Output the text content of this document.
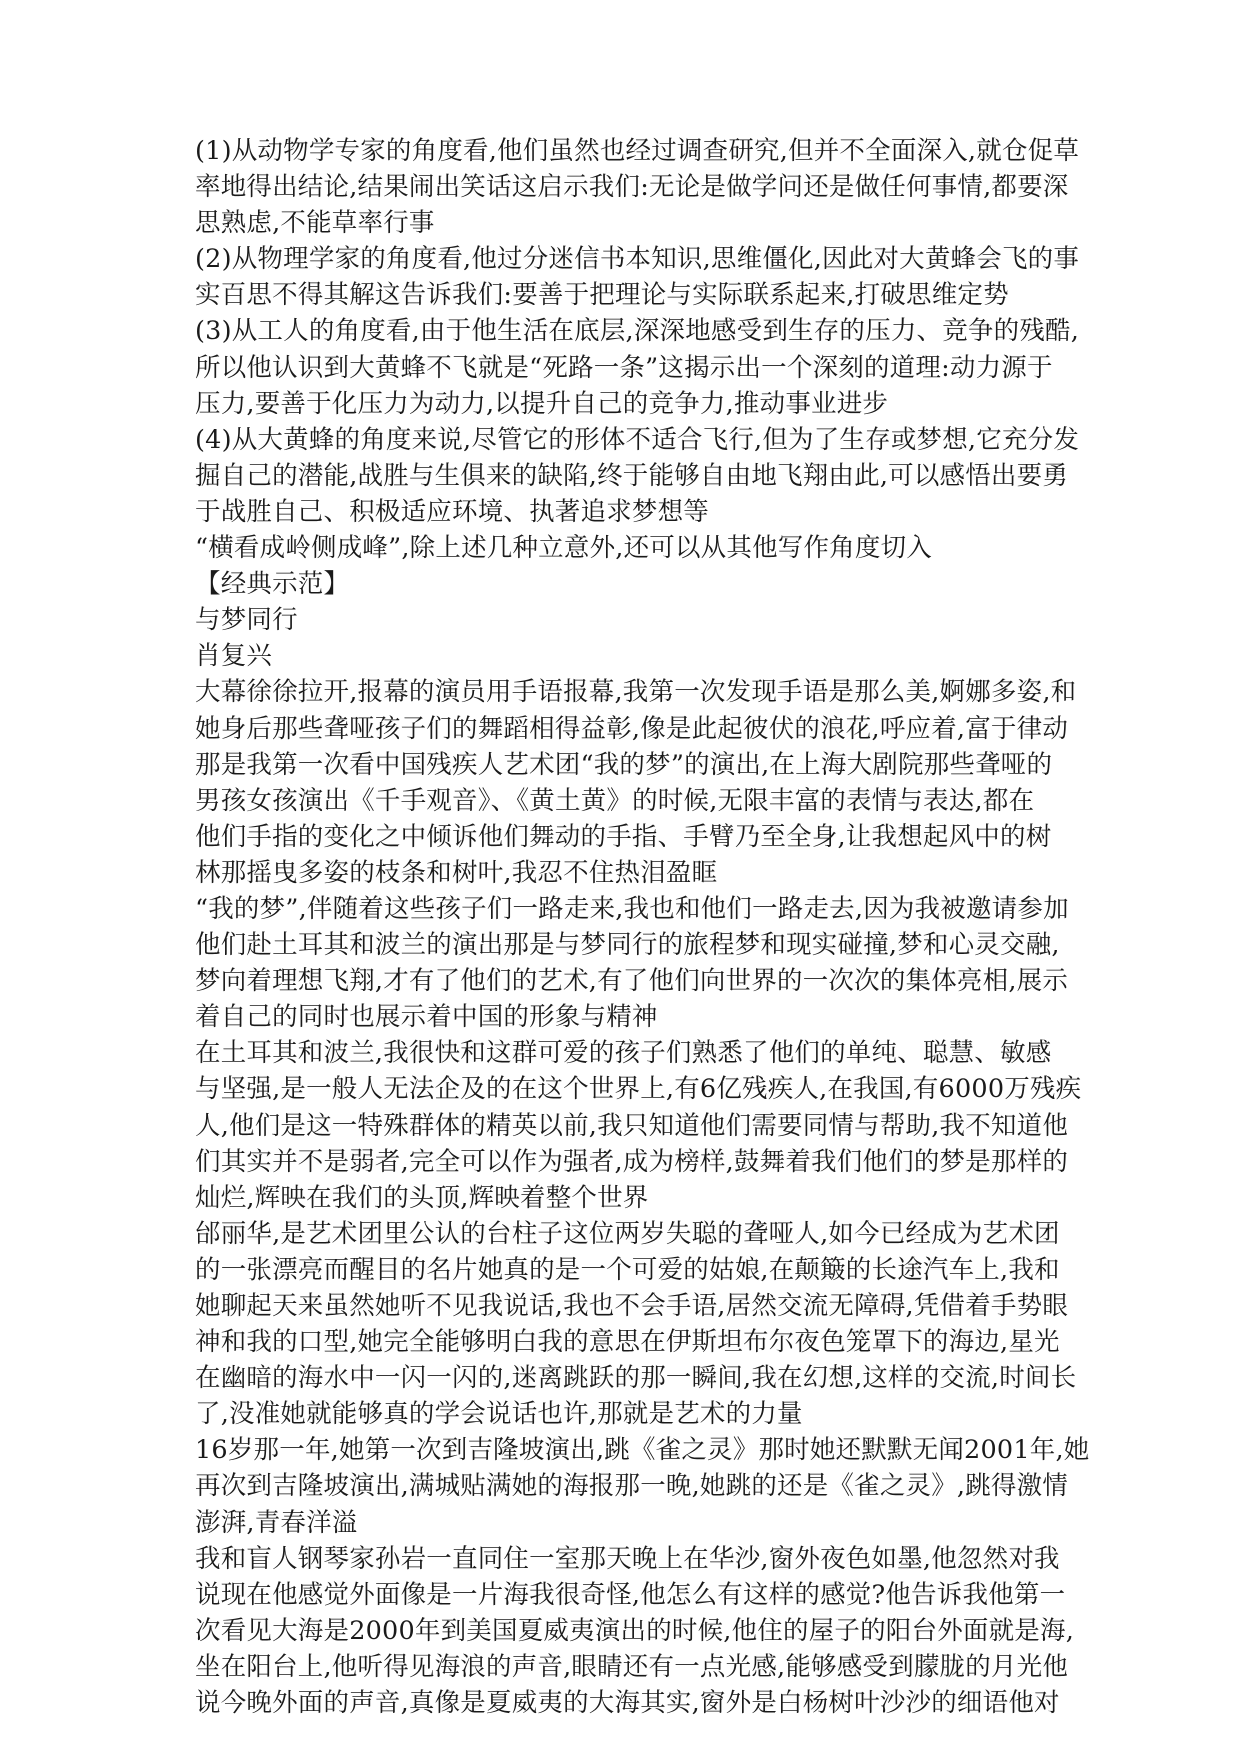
(1)从动物学专家的角度看,他们虽然也经过调查研究,但并不全面深入,就仓促草
率地得出结论,结果闹出笑话这启示我们:无论是做学问还是做任何事情,都要深
思熟虑,不能草率行事
(2)从物理学家的角度看,他过分迷信书本知识,思维僵化,因此对大黄蜂会飞的事
实百思不得其解这告诉我们:要善于把理论与实际联系起来,打破思维定势
(3)从工人的角度看,由于他生活在底层,深深地感受到生存的压力、竞争的残酷,
所以他认识到大黄蜂不飞就是“死路一条”这揭示出一个深刻的道理:动力源于
压力,要善于化压力为动力,以提升自己的竞争力,推动事业进步
(4)从大黄蜂的角度来说,尽管它的形体不适合飞行,但为了生存或梦想,它充分发
掘自己的潜能,战胜与生俱来的缺陷,终于能够自由地飞翔由此,可以感悟出要勇
于战胜自己、积极适应环境、执著追求梦想等
“横看成岭侧成峰”,除上述几种立意外,还可以从其他写作角度切入
【经典示范】
与梦同行
肖复兴
大幕徐徐拉开,报幕的演员用手语报幕,我第一次发现手语是那么美,婀娜多姿,和
她身后那些聋哑孩子们的舞蹈相得益彰,像是此起彼伏的浪花,呼应着,富于律动
那是我第一次看中国残疾人艺术团“我的梦”的演出,在上海大剧院那些聋哑的
男孩女孩演出《千手观音》、《黄土黄》的时候,无限丰富的表情与表达,都在
他们手指的变化之中倾诉他们舞动的手指、手臂乃至全身,让我想起风中的树
林那摇曳多姿的枝条和树叶,我忍不住热泪盈眶
“我的梦”,伴随着这些孩子们一路走来,我也和他们一路走去,因为我被邀请参加
他们赴土耳其和波兰的演出那是与梦同行的旅程梦和现实碰撞,梦和心灵交融,
梦向着理想飞翔,才有了他们的艺术,有了他们向世界的一次次的集体亮相,展示
着自己的同时也展示着中国的形象与精神
在土耳其和波兰,我很快和这群可爱的孩子们熟悉了他们的单纯、聪慧、敏感
与坚强,是一般人无法企及的在这个世界上,有6亿残疾人,在我国,有6000万残疾
人,他们是这一特殊群体的精英以前,我只知道他们需要同情与帮助,我不知道他
们其实并不是弱者,完全可以作为强者,成为榜样,鼓舞着我们他们的梦是那样的
灿烂,辉映在我们的头顶,辉映着整个世界
邰丽华,是艺术团里公认的台柱子这位两岁失聪的聋哑人,如今已经成为艺术团
的一张漂亮而醒目的名片她真的是一个可爱的姑娘,在颠簸的长途汽车上,我和
她聊起天来虽然她听不见我说话,我也不会手语,居然交流无障碍,凭借着手势眼
神和我的口型,她完全能够明白我的意思在伊斯坦布尔夜色笼罩下的海边,星光
在幽暗的海水中一闪一闪的,迷离跳跃的那一瞬间,我在幻想,这样的交流,时间长
了,没准她就能够真的学会说话也许,那就是艺术的力量
16岁那一年,她第一次到吉隆坡演出,跳《雀之灵》那时她还默默无闻2001年,她
再次到吉隆坡演出,满城贴满她的海报那一晚,她跳的还是《雀之灵》,跳得激情
澎湃,青春洋溢
我和盲人钢琴家孙岩一直同住一室那天晚上在华沙,窗外夜色如墨,他忽然对我
说现在他感觉外面像是一片海我很奇怪,他怎么有这样的感觉?他告诉我他第一
次看见大海是2000年到美国夏威夷演出的时候,他住的屋子的阳台外面就是海,
坐在阳台上,他听得见海浪的声音,眼睛还有一点光感,能够感受到朦胧的月光他
说今晚外面的声音,真像是夏威夷的大海其实,窗外是白杨树叶沙沙的细语他对
